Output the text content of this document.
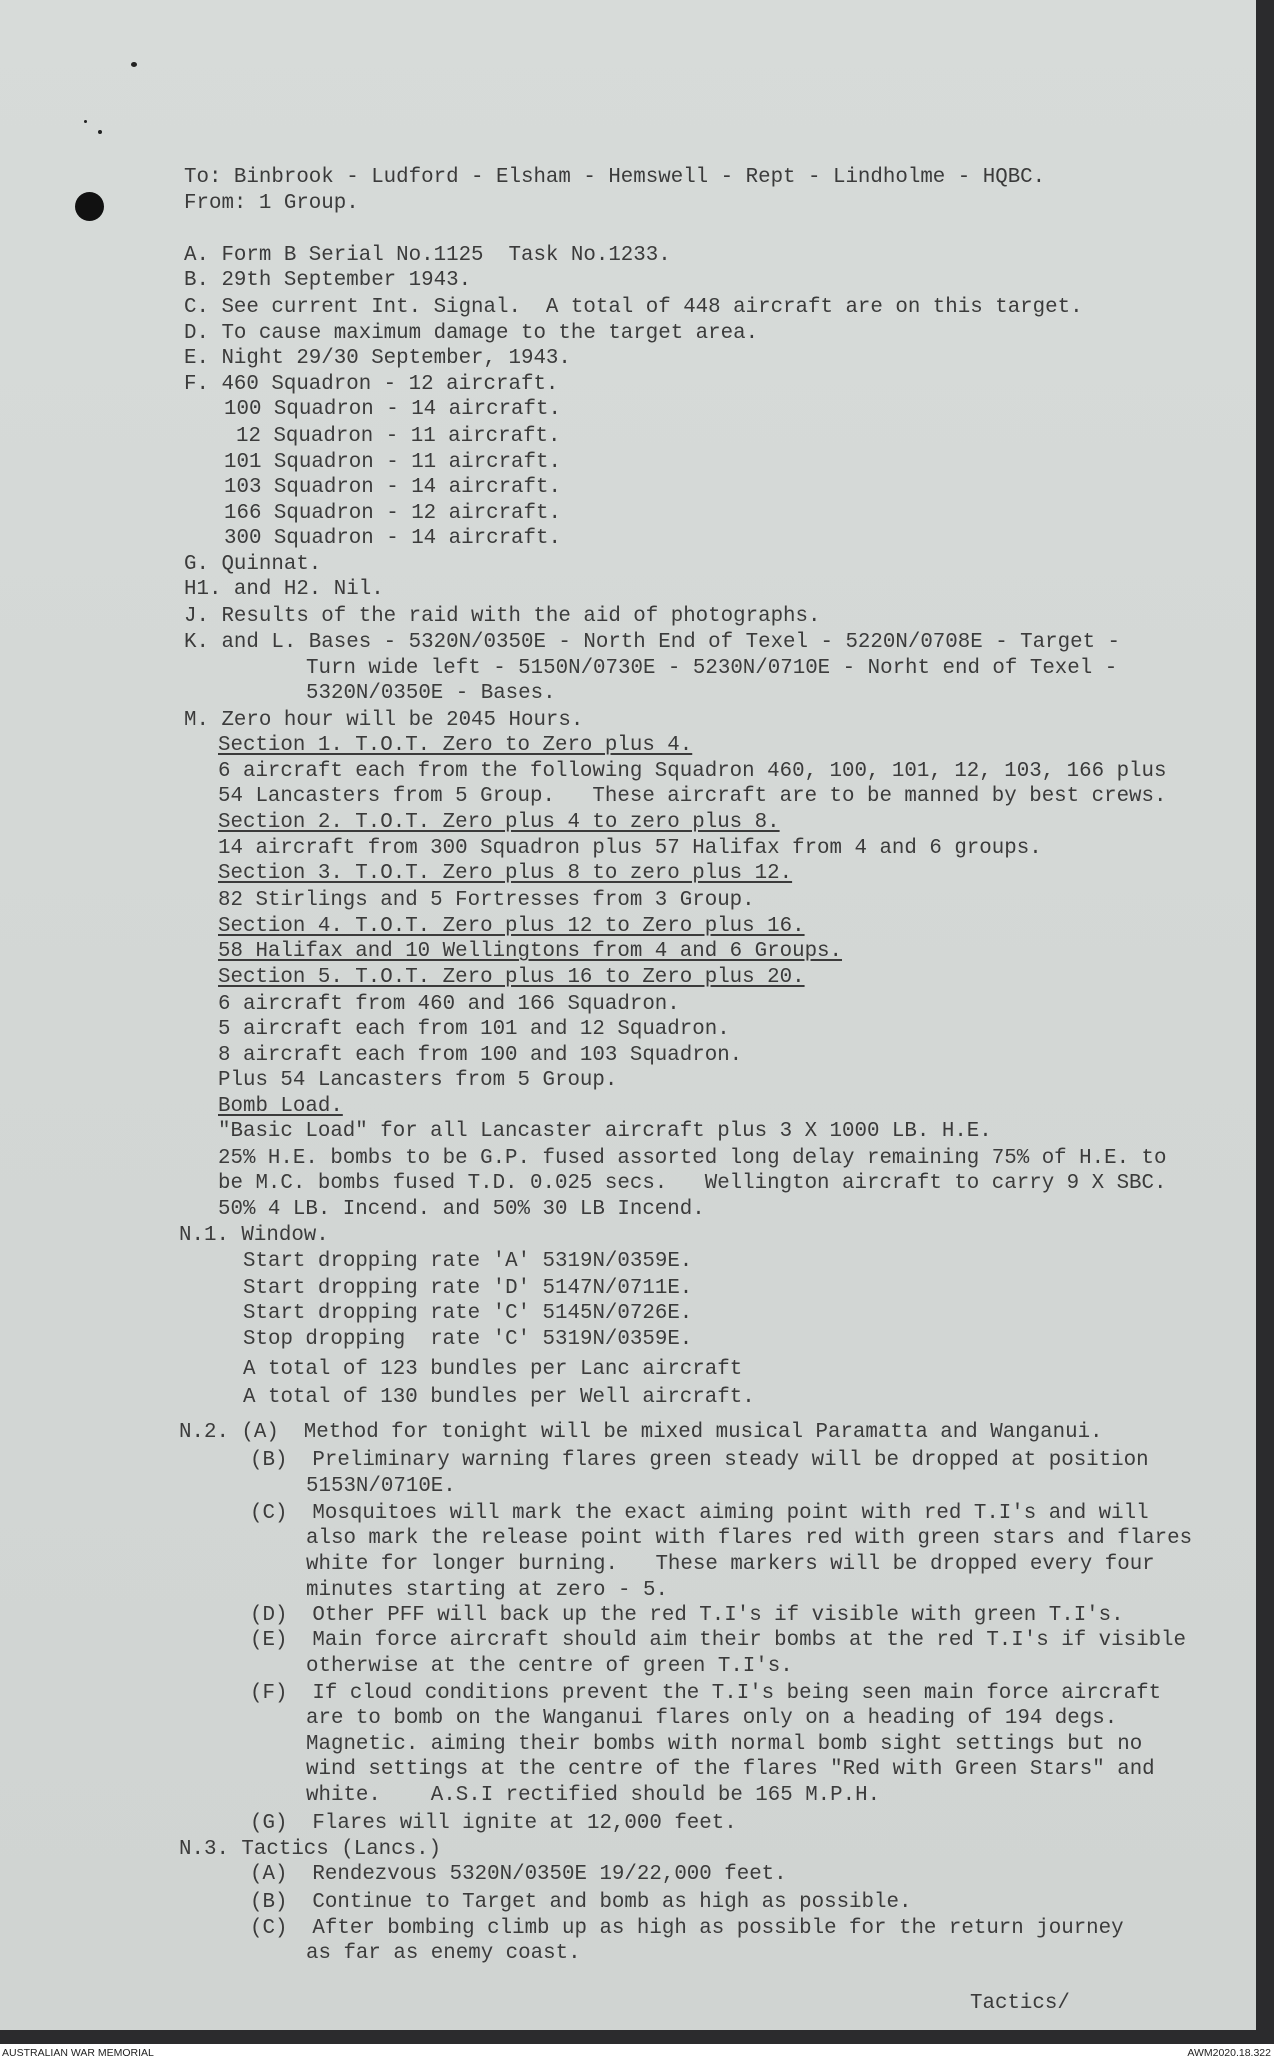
To: Binbrook - Ludford - Elsham - Hemswell - Rept - Lindholme - HQBC.
From: 1 Group.
A. Form B Serial No.1125  Task No.1233.
B. 29th September 1943.
C. See current Int. Signal.  A total of 448 aircraft are on this target.
D. To cause maximum damage to the target area.
E. Night 29/30 September, 1943.
F. 460 Squadron - 12 aircraft.
100 Squadron - 14 aircraft.
12 Squadron - 11 aircraft.
101 Squadron - 11 aircraft.
103 Squadron - 14 aircraft.
166 Squadron - 12 aircraft.
300 Squadron - 14 aircraft.
G. Quinnat.
H1. and H2. Nil.
J. Results of the raid with the aid of photographs.
K. and L. Bases - 5320N/0350E - North End of Texel - 5220N/0708E - Target -
Turn wide left - 5150N/0730E - 5230N/0710E - Norht end of Texel -
5320N/0350E - Bases.
M. Zero hour will be 2045 Hours.
Section 1. T.O.T. Zero to Zero plus 4.
6 aircraft each from the following Squadron 460, 100, 101, 12, 103, 166 plus
54 Lancasters from 5 Group.   These aircraft are to be manned by best crews.
Section 2. T.O.T. Zero plus 4 to zero plus 8.
14 aircraft from 300 Squadron plus 57 Halifax from 4 and 6 groups.
Section 3. T.O.T. Zero plus 8 to zero plus 12.
82 Stirlings and 5 Fortresses from 3 Group.
Section 4. T.O.T. Zero plus 12 to Zero plus 16.
58 Halifax and 10 Wellingtons from 4 and 6 Groups.
Section 5. T.O.T. Zero plus 16 to Zero plus 20.
6 aircraft from 460 and 166 Squadron.
5 aircraft each from 101 and 12 Squadron.
8 aircraft each from 100 and 103 Squadron.
Plus 54 Lancasters from 5 Group.
Bomb Load.
"Basic Load" for all Lancaster aircraft plus 3 X 1000 LB. H.E.
25% H.E. bombs to be G.P. fused assorted long delay remaining 75% of H.E. to
be M.C. bombs fused T.D. 0.025 secs.   Wellington aircraft to carry 9 X SBC.
50% 4 LB. Incend. and 50% 30 LB Incend.
N.1. Window.
Start dropping rate 'A' 5319N/0359E.
Start dropping rate 'D' 5147N/0711E.
Start dropping rate 'C' 5145N/0726E.
Stop dropping  rate 'C' 5319N/0359E.
A total of 123 bundles per Lanc aircraft
A total of 130 bundles per Well aircraft.
N.2. (A)  Method for tonight will be mixed musical Paramatta and Wanganui.
(B)  Preliminary warning flares green steady will be dropped at position
5153N/0710E.
(C)  Mosquitoes will mark the exact aiming point with red T.I's and will
also mark the release point with flares red with green stars and flares
white for longer burning.   These markers will be dropped every four
minutes starting at zero - 5.
(D)  Other PFF will back up the red T.I's if visible with green T.I's.
(E)  Main force aircraft should aim their bombs at the red T.I's if visible
otherwise at the centre of green T.I's.
(F)  If cloud conditions prevent the T.I's being seen main force aircraft
are to bomb on the Wanganui flares only on a heading of 194 degs.
Magnetic. aiming their bombs with normal bomb sight settings but no
wind settings at the centre of the flares "Red with Green Stars" and
white.    A.S.I rectified should be 165 M.P.H.
(G)  Flares will ignite at 12,000 feet.
N.3. Tactics (Lancs.)
(A)  Rendezvous 5320N/0350E 19/22,000 feet.
(B)  Continue to Target and bomb as high as possible.
(C)  After bombing climb up as high as possible for the return journey
as far as enemy coast.
Tactics/
AUSTRALIAN WAR MEMORIAL	AWM2020.18.322
